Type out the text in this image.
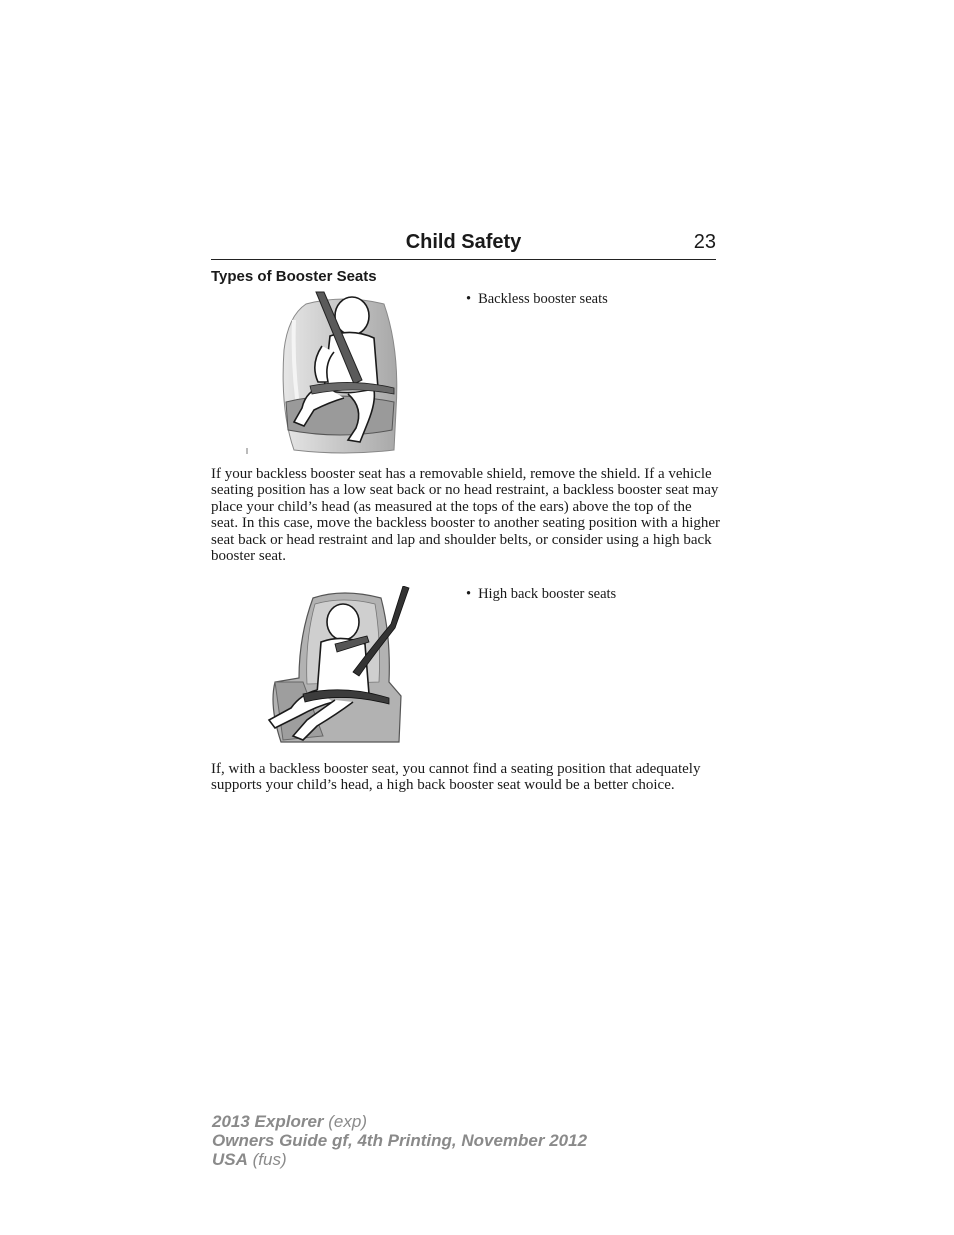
Child Safety	23
Types of Booster Seats
• Backless booster seats
If your backless booster seat has a removable shield, remove the shield. If a vehicle seating position has a low seat back or no head restraint, a backless booster seat may place your child’s head (as measured at the tops of the ears) above the top of the seat. In this case, move the backless booster to another seating position with a higher seat back or head restraint and lap and shoulder belts, or consider using a high back booster seat.
• High back booster seats
If, with a backless booster seat, you cannot find a seating position that adequately supports your child’s head, a high back booster seat would be a better choice.
2013 Explorer (exp)
Owners Guide gf, 4th Printing, November 2012
USA (fus)
